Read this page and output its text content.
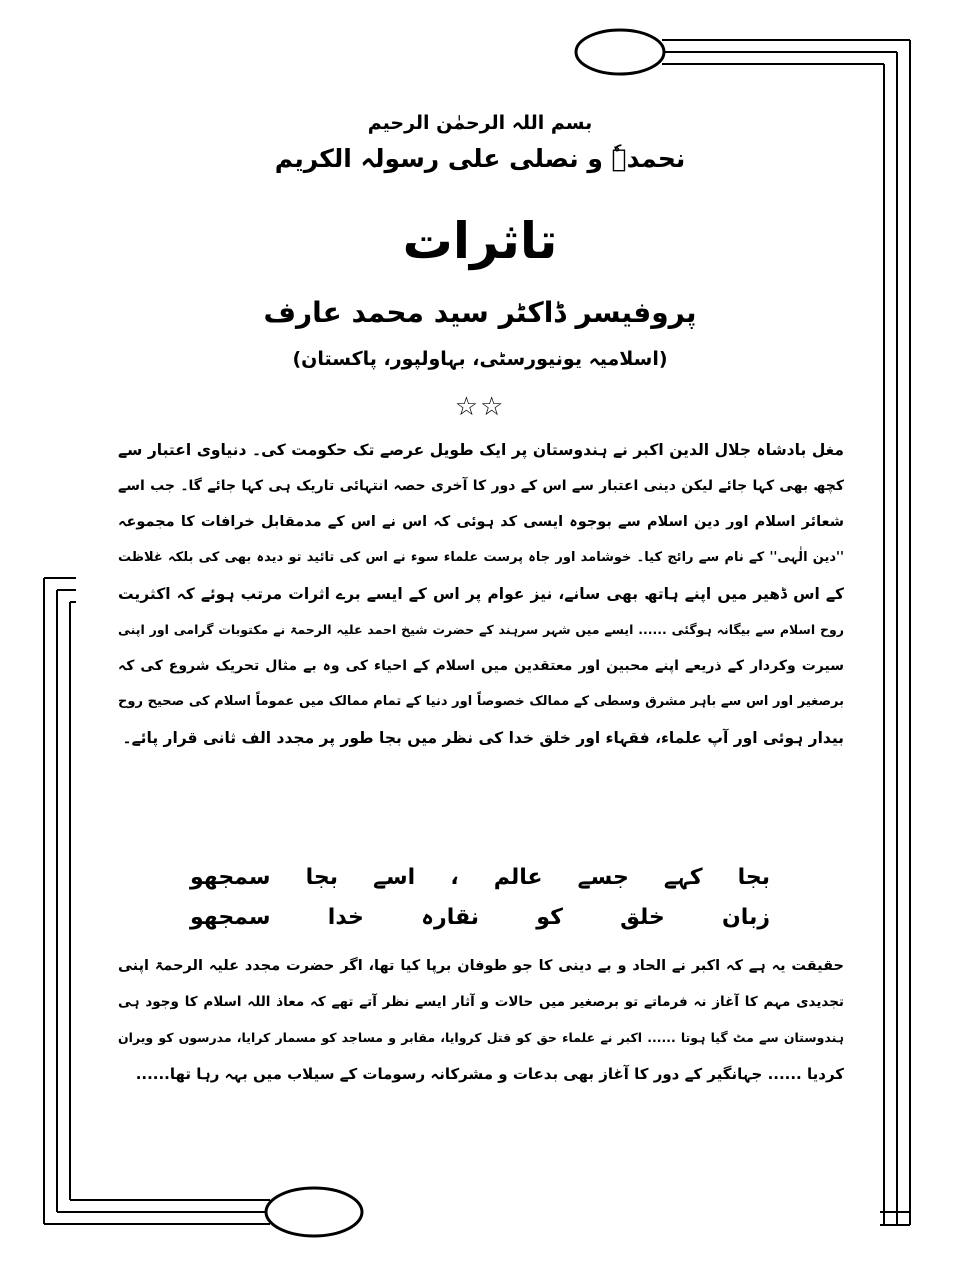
بسم اللہ الرحمٰن الرحیم
نحمدہٗ و نصلی علی رسولہ الکریم
تاثرات
پروفیسر ڈاکٹر سید محمد عارف
(اسلامیہ یونیورسٹی، بہاولپور، پاکستان)
☆☆
مغل بادشاہ جلال الدین اکبر نے ہندوستان پر ایک طویل عرصے تک حکومت کی۔ دنیاوی اعتبار سے
کچھ بھی کہا جائے لیکن دینی اعتبار سے اس کے دور کا آخری حصہ انتہائی تاریک ہی کہا جائے گا۔ جب اسے
شعائر اسلام اور دین اسلام سے بوجوہ ایسی کد ہوئی کہ اس نے اس کے مدمقابل خرافات کا مجموعہ
''دین الٰہی'' کے نام سے رائج کیا۔ خوشامد اور جاہ پرست علماء سوء نے اس کی تائید تو دیدہ بھی کی بلکہ غلاظت
کے اس ڈھیر میں اپنے ہاتھ بھی سانے، نیز عوام پر اس کے ایسے برے اثرات مرتب ہوئے کہ اکثریت
روح اسلام سے بیگانہ ہوگئی ...... ایسے میں شہر سرہند کے حضرت شیخ احمد علیہ الرحمۃ نے مکتوبات گرامی اور اپنی
سیرت وکردار کے ذریعے اپنے محبین اور معتقدین میں اسلام کے احیاء کی وہ بے مثال تحریک شروع کی کہ
برصغیر اور اس سے باہر مشرق وسطی کے ممالک خصوصاً اور دنیا کے تمام ممالک میں عموماً اسلام کی صحیح روح
بیدار ہوئی اور آپ علماء، فقہاء اور خلق خدا کی نظر میں بجا طور پر مجدد الف ثانی قرار پائے۔
بجا کہے جسے عالم ، اسے بجا سمجھو
زبان خلق کو نقارہ خدا سمجھو
حقیقت یہ ہے کہ اکبر نے الحاد و بے دینی کا جو طوفان برپا کیا تھا، اگر حضرت مجدد علیہ الرحمۃ اپنی
تجدیدی مہم کا آغاز نہ فرماتے تو برصغیر میں حالات و آثار ایسے نظر آتے تھے کہ معاذ اللہ اسلام کا وجود ہی
ہندوستان سے مٹ گیا ہوتا ...... اکبر نے علماء حق کو قتل کروایا، مقابر و مساجد کو مسمار کرایا، مدرسوں کو ویران
کردیا ...... جہانگیر کے دور کا آغاز بھی بدعات و مشرکانہ رسومات کے سیلاب میں بہہ رہا تھا......
